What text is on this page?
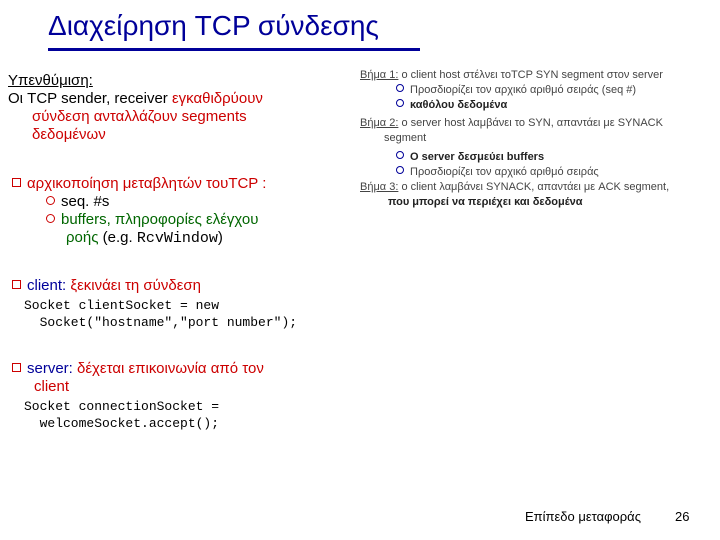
Διαχείρηση TCP σύνδεσης
Υπενθύμιση:
Οι TCP sender, receiver εγκαθιδρύουν
σύνδεση ανταλλάζουν segments
δεδομένων
αρχικοποίηση μεταβλητών τουTCP :
seq. #s
buffers, πληροφορίες ελέγχου
ροής (e.g. RcvWindow)
client: ξεκινάει τη σύνδεση
Socket clientSocket = new
Socket("hostname","port number");
server: δέχεται επικοινωνία από τον
client
Socket connectionSocket =
welcomeSocket.accept();
Βήμα 1: o client host στέλνει τοTCP SYN segment στον server
Προσδιορίζει τον αρχικό αριθμό σειράς (seq #)
καθόλου δεδομένα
Βήμα 2: o server host λαμβάνει το SYN, απαντάει με SYNACK
segment
O server δεσμεύει buffers
Προσδιορίζει τον αρχικό αριθμό σειράς
Βήμα 3: o client λαμβάνει SYNACK, απαντάει με ACK segment,
που μπορεί να περιέχει και δεδομένα
Επίπεδο μεταφοράς	26
